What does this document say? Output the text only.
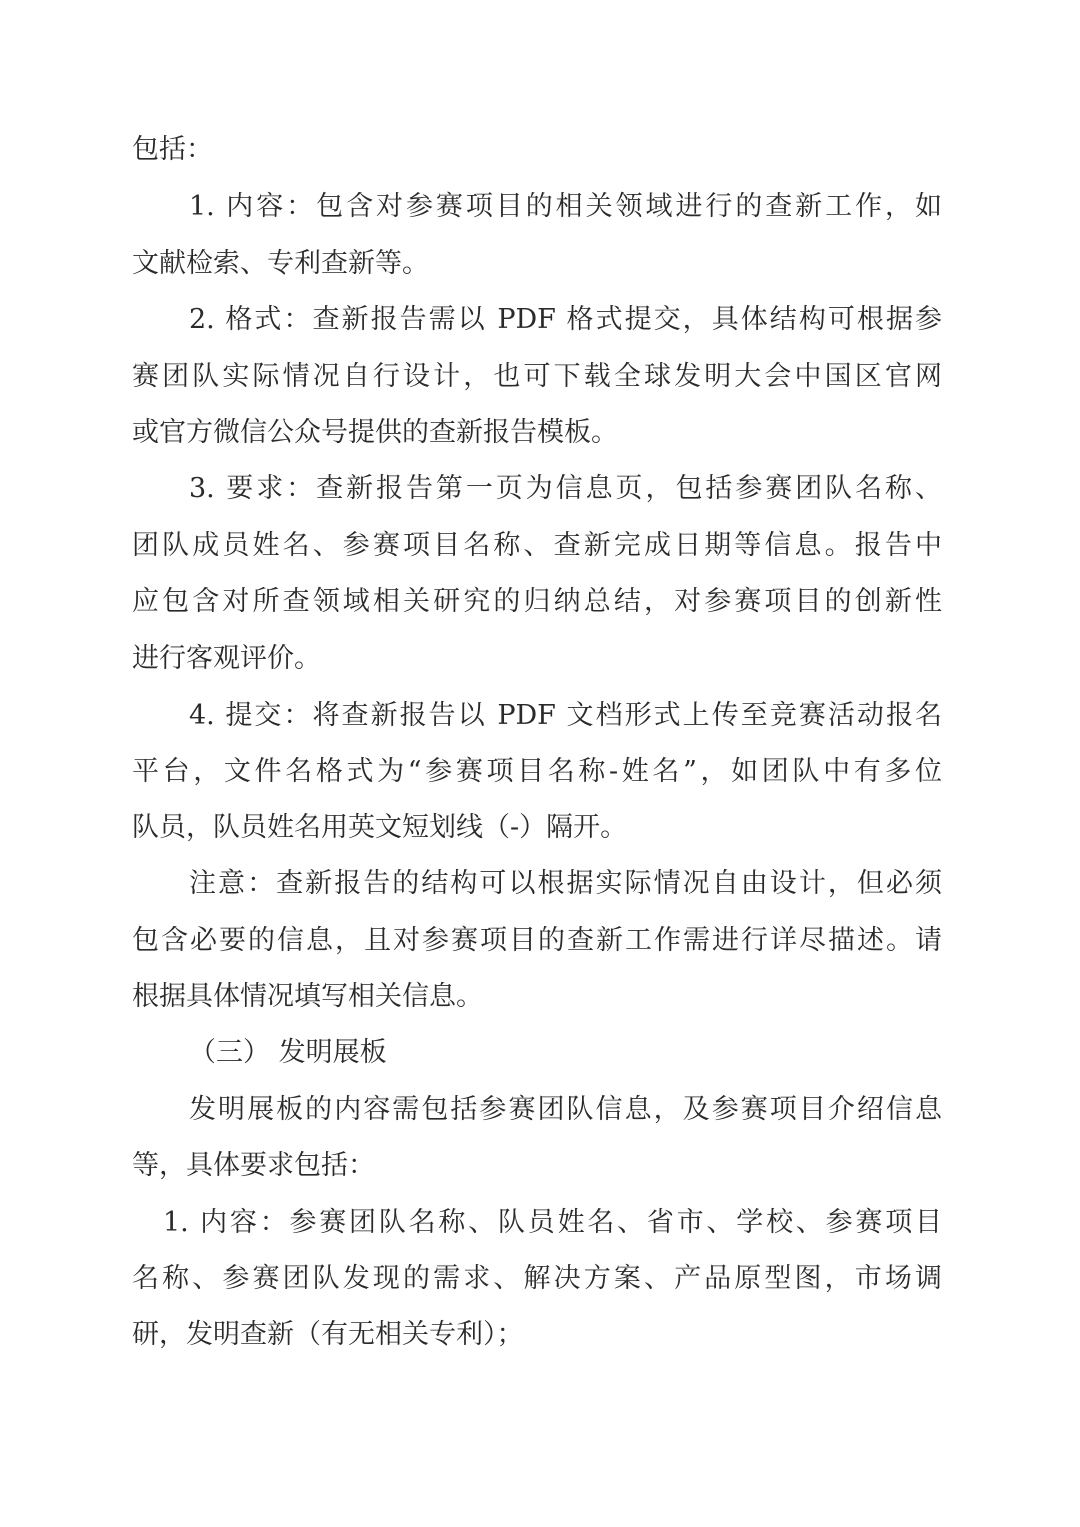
包括：
1. 内容：包含对参赛项目的相关领域进行的查新工作，如
文献检索、专利查新等。
2. 格式：查新报告需以 PDF 格式提交，具体结构可根据参
赛团队实际情况自行设计，也可下载全球发明大会中国区官网
或官方微信公众号提供的查新报告模板。
3. 要求：查新报告第一页为信息页，包括参赛团队名称、
团队成员姓名、参赛项目名称、查新完成日期等信息。报告中
应包含对所查领域相关研究的归纳总结，对参赛项目的创新性
进行客观评价。
4. 提交：将查新报告以 PDF 文档形式上传至竞赛活动报名
平台，文件名格式为“参赛项目名称-姓名”，如团队中有多位
队员，队员姓名用英文短划线（-）隔开。
注意：查新报告的结构可以根据实际情况自由设计，但必须
包含必要的信息，且对参赛项目的查新工作需进行详尽描述。请
根据具体情况填写相关信息。
（三） 发明展板
发明展板的内容需包括参赛团队信息，及参赛项目介绍信息
等，具体要求包括：
1. 内容：参赛团队名称、队员姓名、省市、学校、参赛项目
名称、参赛团队发现的需求、解决方案、产品原型图，市场调
研，发明查新（有无相关专利）；
